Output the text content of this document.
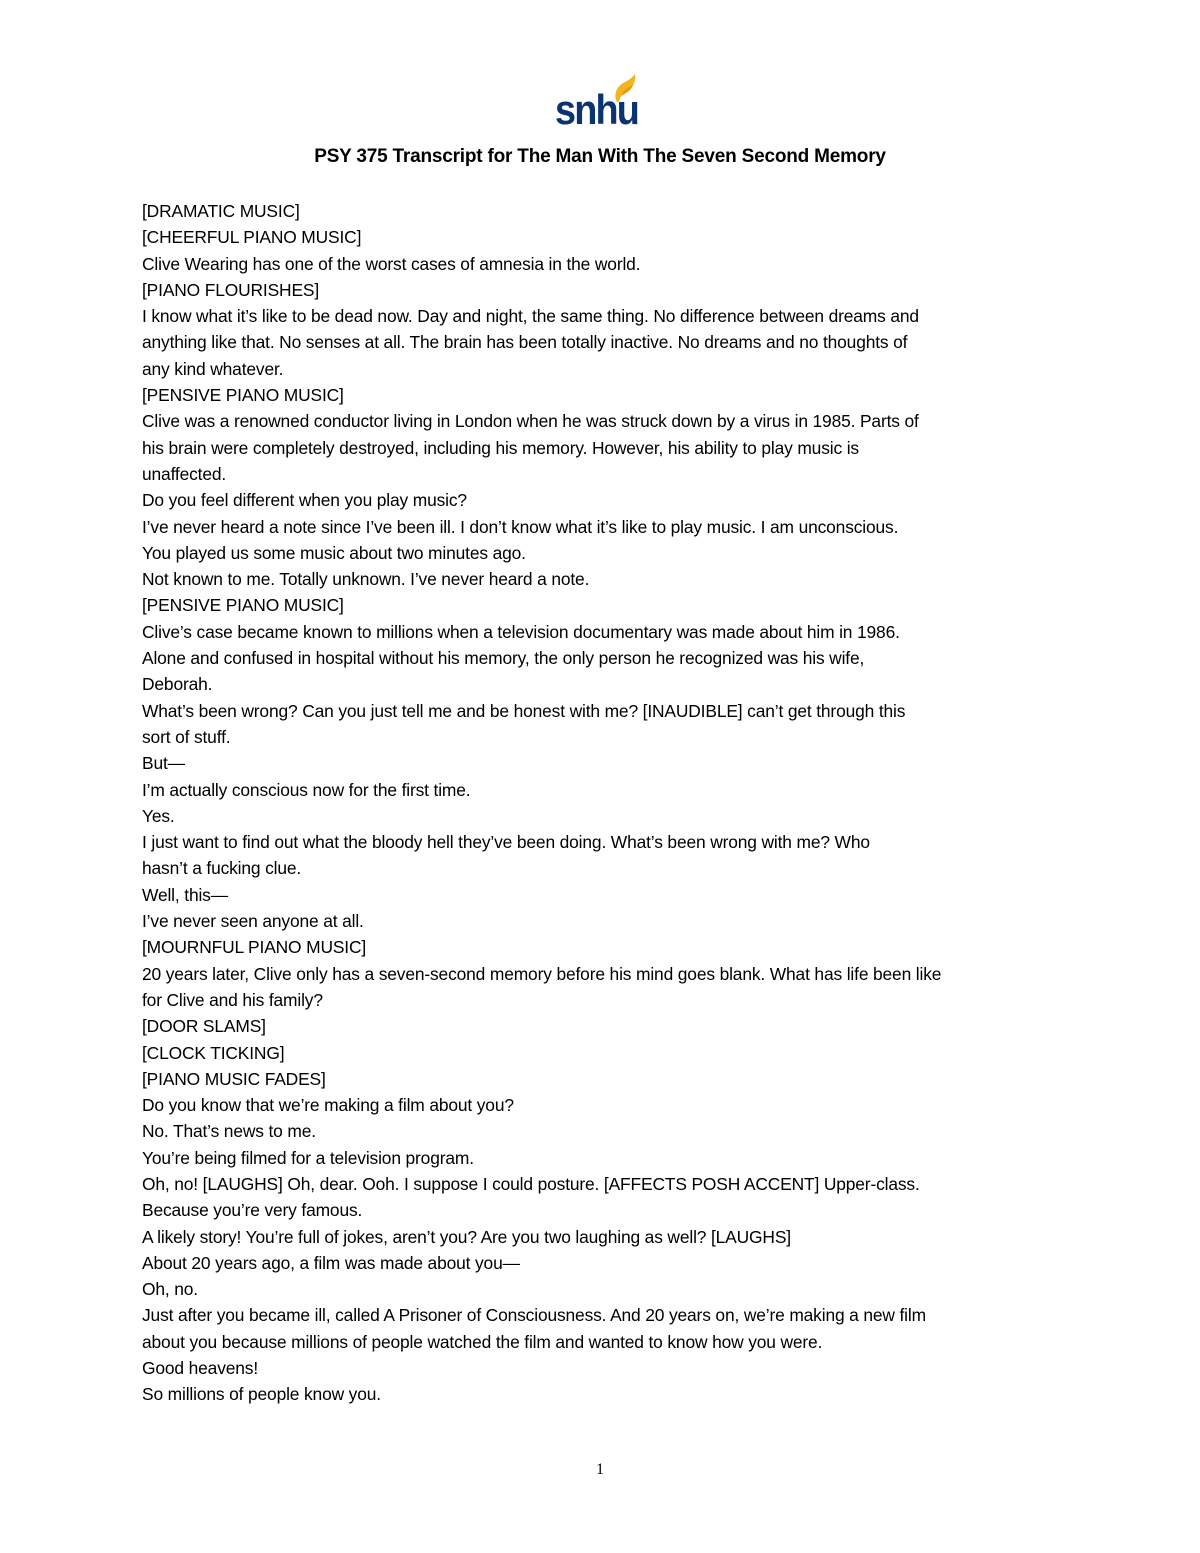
snhu
PSY 375 Transcript for The Man With The Seven Second Memory
[DRAMATIC MUSIC]
[CHEERFUL PIANO MUSIC]
Clive Wearing has one of the worst cases of amnesia in the world.
[PIANO FLOURISHES]
I know what it’s like to be dead now. Day and night, the same thing. No difference between dreams and
anything like that. No senses at all. The brain has been totally inactive. No dreams and no thoughts of
any kind whatever.
[PENSIVE PIANO MUSIC]
Clive was a renowned conductor living in London when he was struck down by a virus in 1985. Parts of
his brain were completely destroyed, including his memory. However, his ability to play music is
unaffected.
Do you feel different when you play music?
I’ve never heard a note since I’ve been ill. I don’t know what it’s like to play music. I am unconscious.
You played us some music about two minutes ago.
Not known to me. Totally unknown. I’ve never heard a note.
[PENSIVE PIANO MUSIC]
Clive’s case became known to millions when a television documentary was made about him in 1986.
Alone and confused in hospital without his memory, the only person he recognized was his wife,
Deborah.
What’s been wrong? Can you just tell me and be honest with me? [INAUDIBLE] can’t get through this
sort of stuff.
But—
I’m actually conscious now for the first time.
Yes.
I just want to find out what the bloody hell they’ve been doing. What’s been wrong with me? Who
hasn’t a fucking clue.
Well, this—
I’ve never seen anyone at all.
[MOURNFUL PIANO MUSIC]
20 years later, Clive only has a seven-second memory before his mind goes blank. What has life been like
for Clive and his family?
[DOOR SLAMS]
[CLOCK TICKING]
[PIANO MUSIC FADES]
Do you know that we’re making a film about you?
No. That’s news to me.
You’re being filmed for a television program.
Oh, no! [LAUGHS] Oh, dear. Ooh. I suppose I could posture. [AFFECTS POSH ACCENT] Upper-class.
Because you’re very famous.
A likely story! You’re full of jokes, aren’t you? Are you two laughing as well? [LAUGHS]
About 20 years ago, a film was made about you—
Oh, no.
Just after you became ill, called A Prisoner of Consciousness. And 20 years on, we’re making a new film
about you because millions of people watched the film and wanted to know how you were.
Good heavens!
So millions of people know you.
1
